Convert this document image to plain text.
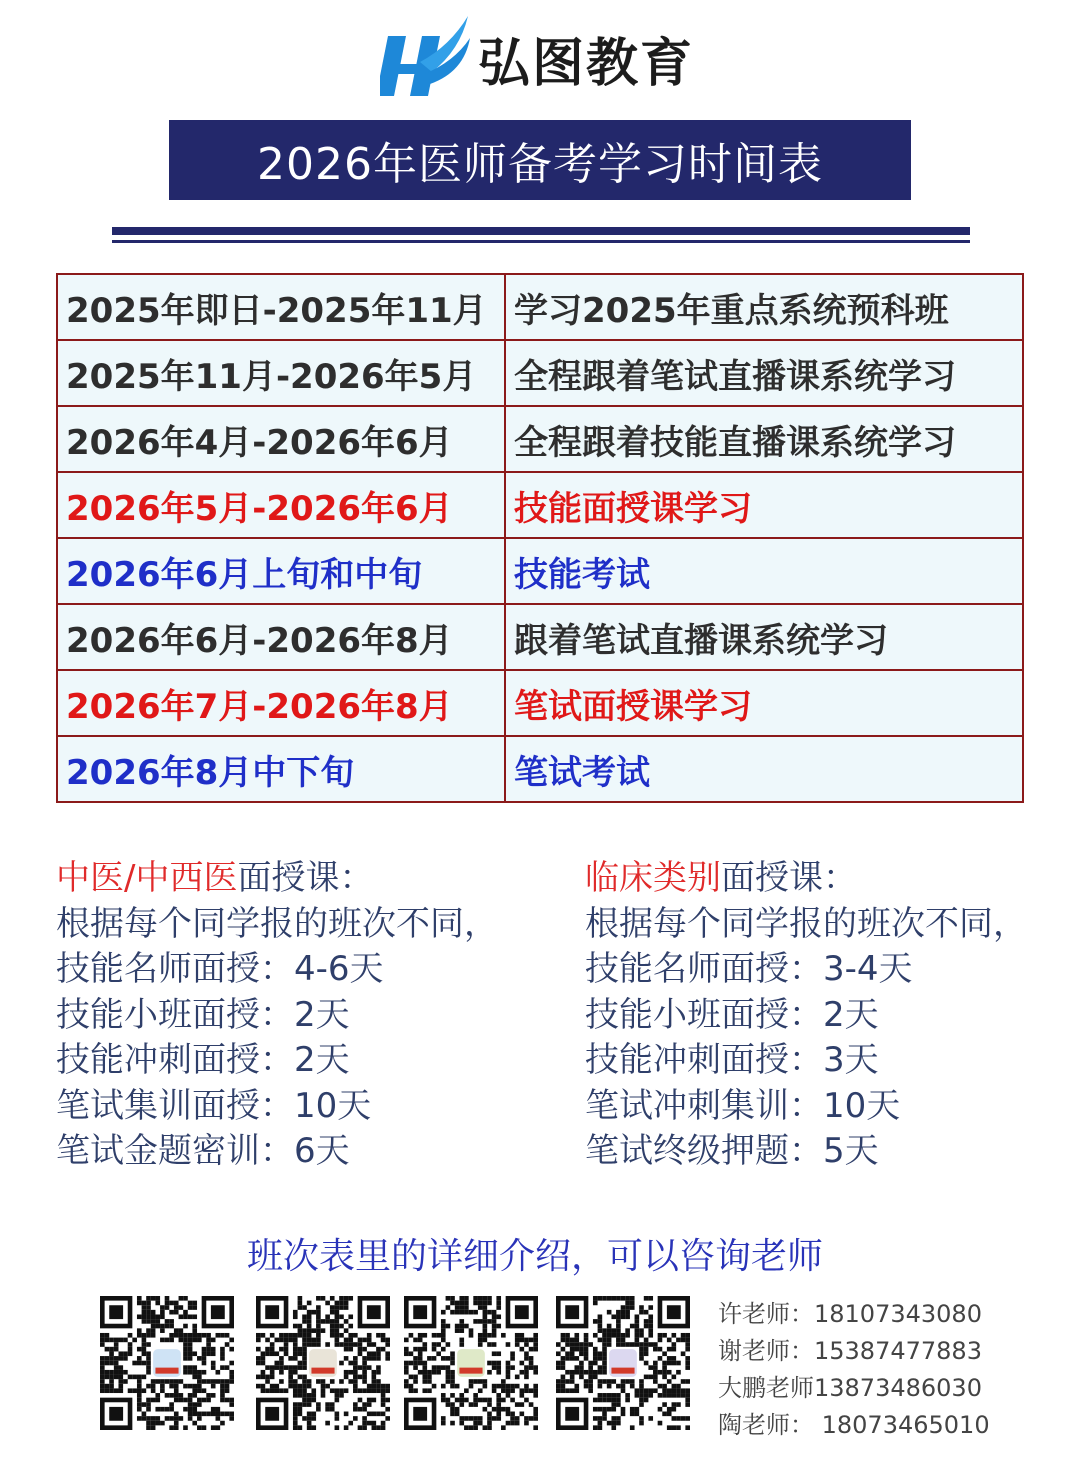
弘图教育
2026年医师备考学习时间表
2025年即日-2025年11月	学习2025年重点系统预科班
2025年11月-2026年5月	全程跟着笔试直播课系统学习
2026年4月-2026年6月	全程跟着技能直播课系统学习
2026年5月-2026年6月	技能面授课学习
2026年6月上旬和中旬	技能考试
2026年6月-2026年8月	跟着笔试直播课系统学习
2026年7月-2026年8月	笔试面授课学习
2026年8月中下旬	笔试考试
中医/中西医面授课：
根据每个同学报的班次不同，
技能名师面授：4-6天
技能小班面授：2天
技能冲刺面授：2天
笔试集训面授：10天
笔试金题密训：6天
临床类别面授课：
根据每个同学报的班次不同，
技能名师面授：3-4天
技能小班面授：2天
技能冲刺面授：3天
笔试冲刺集训：10天
笔试终级押题：5天
班次表里的详细介绍，可以咨询老师
许老师：18107343080
谢老师：15387477883
大鹏老师13873486030
陶老师： 18073465010
